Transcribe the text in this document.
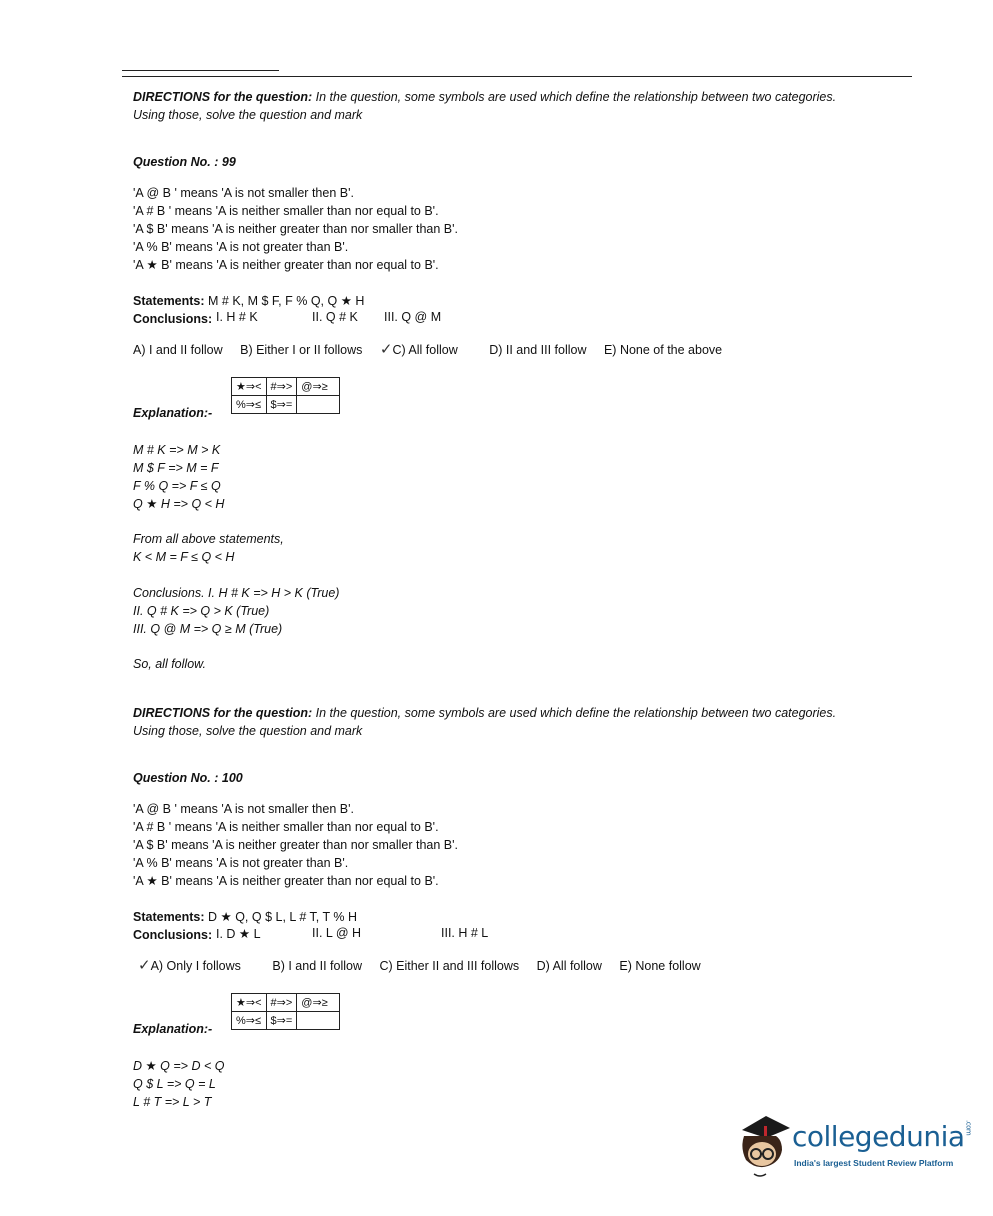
DIRECTIONS for the question: In the question, some symbols are used which define the relationship between two categories.
Using those, solve the question and mark
Question No. : 99
'A @ B ' means 'A is not smaller then B'.
'A # B ' means 'A is neither smaller than nor equal to B'.
'A $ B' means 'A is neither greater than nor smaller than B'.
'A % B' means 'A is not greater than B'.
'A ★ B' means 'A is neither greater than nor equal to B'.
Statements: M # K, M $ F, F % Q, Q ★ H
Conclusions: I. H # K	II. Q # K III. Q @ M
A) I and II follow B) Either I or II follows ✓C) All follow	D) II and III follow E) None of the above
★⇒<	#⇒>	@⇒≥
%⇒≤	$⇒=	
Explanation:-
M # K => M > K
M $ F => M = F
F % Q => F ≤ Q
Q ★ H => Q < H
From all above statements,
K < M = F ≤ Q < H
Conclusions. I. H # K => H > K (True)
II. Q # K => Q > K (True)
III. Q @ M => Q ≥ M (True)
So, all follow.
DIRECTIONS for the question: In the question, some symbols are used which define the relationship between two categories.
Using those, solve the question and mark
Question No. : 100
'A @ B ' means 'A is not smaller then B'.
'A # B ' means 'A is neither smaller than nor equal to B'.
'A $ B' means 'A is neither greater than nor smaller than B'.
'A % B' means 'A is not greater than B'.
'A ★ B' means 'A is neither greater than nor equal to B'.
Statements: D ★ Q, Q $ L, L # T, T % H
Conclusions: I. D ★ L	II. L @ H	III. H # L
✓A) Only I follows	B) I and II follow C) Either II and III follows D) All follow E) None follow
★⇒<	#⇒>	@⇒≥
%⇒≤	$⇒=	
Explanation:-
D ★ Q => D < Q
Q $ L => Q = L
L # T => L > T
collegedunia.com
India's largest Student Review Platform
